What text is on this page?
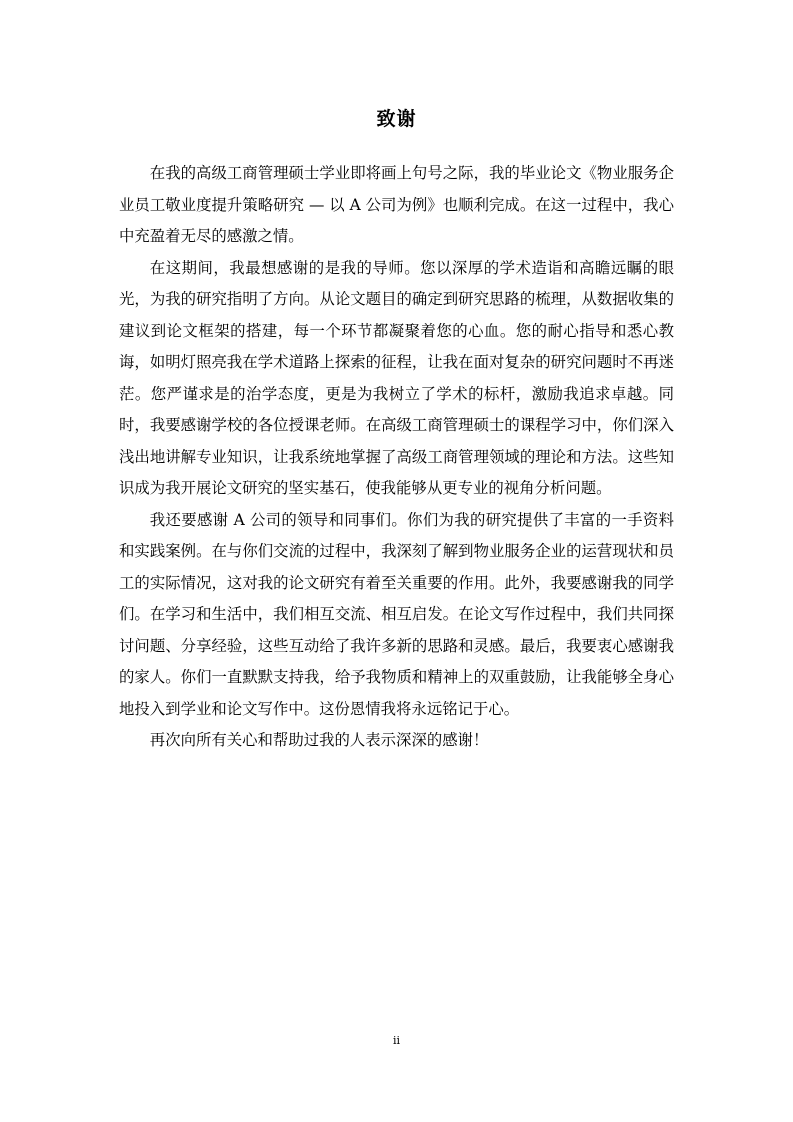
致谢

在我的高级工商管理硕士学业即将画上句号之际，我的毕业论文《物业服务企业员工敬业度提升策略研究 — 以 A 公司为例》也顺利完成。在这一过程中，我心中充盈着无尽的感激之情。

在这期间，我最想感谢的是我的导师。您以深厚的学术造诣和高瞻远瞩的眼光，为我的研究指明了方向。从论文题目的确定到研究思路的梳理，从数据收集的建议到论文框架的搭建，每一个环节都凝聚着您的心血。您的耐心指导和悉心教诲，如明灯照亮我在学术道路上探索的征程，让我在面对复杂的研究问题时不再迷茫。您严谨求是的治学态度，更是为我树立了学术的标杆，激励我追求卓越。同时，我要感谢学校的各位授课老师。在高级工商管理硕士的课程学习中，你们深入浅出地讲解专业知识，让我系统地掌握了高级工商管理领域的理论和方法。这些知识成为我开展论文研究的坚实基石，使我能够从更专业的视角分析问题。

我还要感谢 A 公司的领导和同事们。你们为我的研究提供了丰富的一手资料和实践案例。在与你们交流的过程中，我深刻了解到物业服务企业的运营现状和员工的实际情况，这对我的论文研究有着至关重要的作用。此外，我要感谢我的同学们。在学习和生活中，我们相互交流、相互启发。在论文写作过程中，我们共同探讨问题、分享经验，这些互动给了我许多新的思路和灵感。最后，我要衷心感谢我的家人。你们一直默默支持我，给予我物质和精神上的双重鼓励，让我能够全身心地投入到学业和论文写作中。这份恩情我将永远铭记于心。

再次向所有关心和帮助过我的人表示深深的感谢！

ii
